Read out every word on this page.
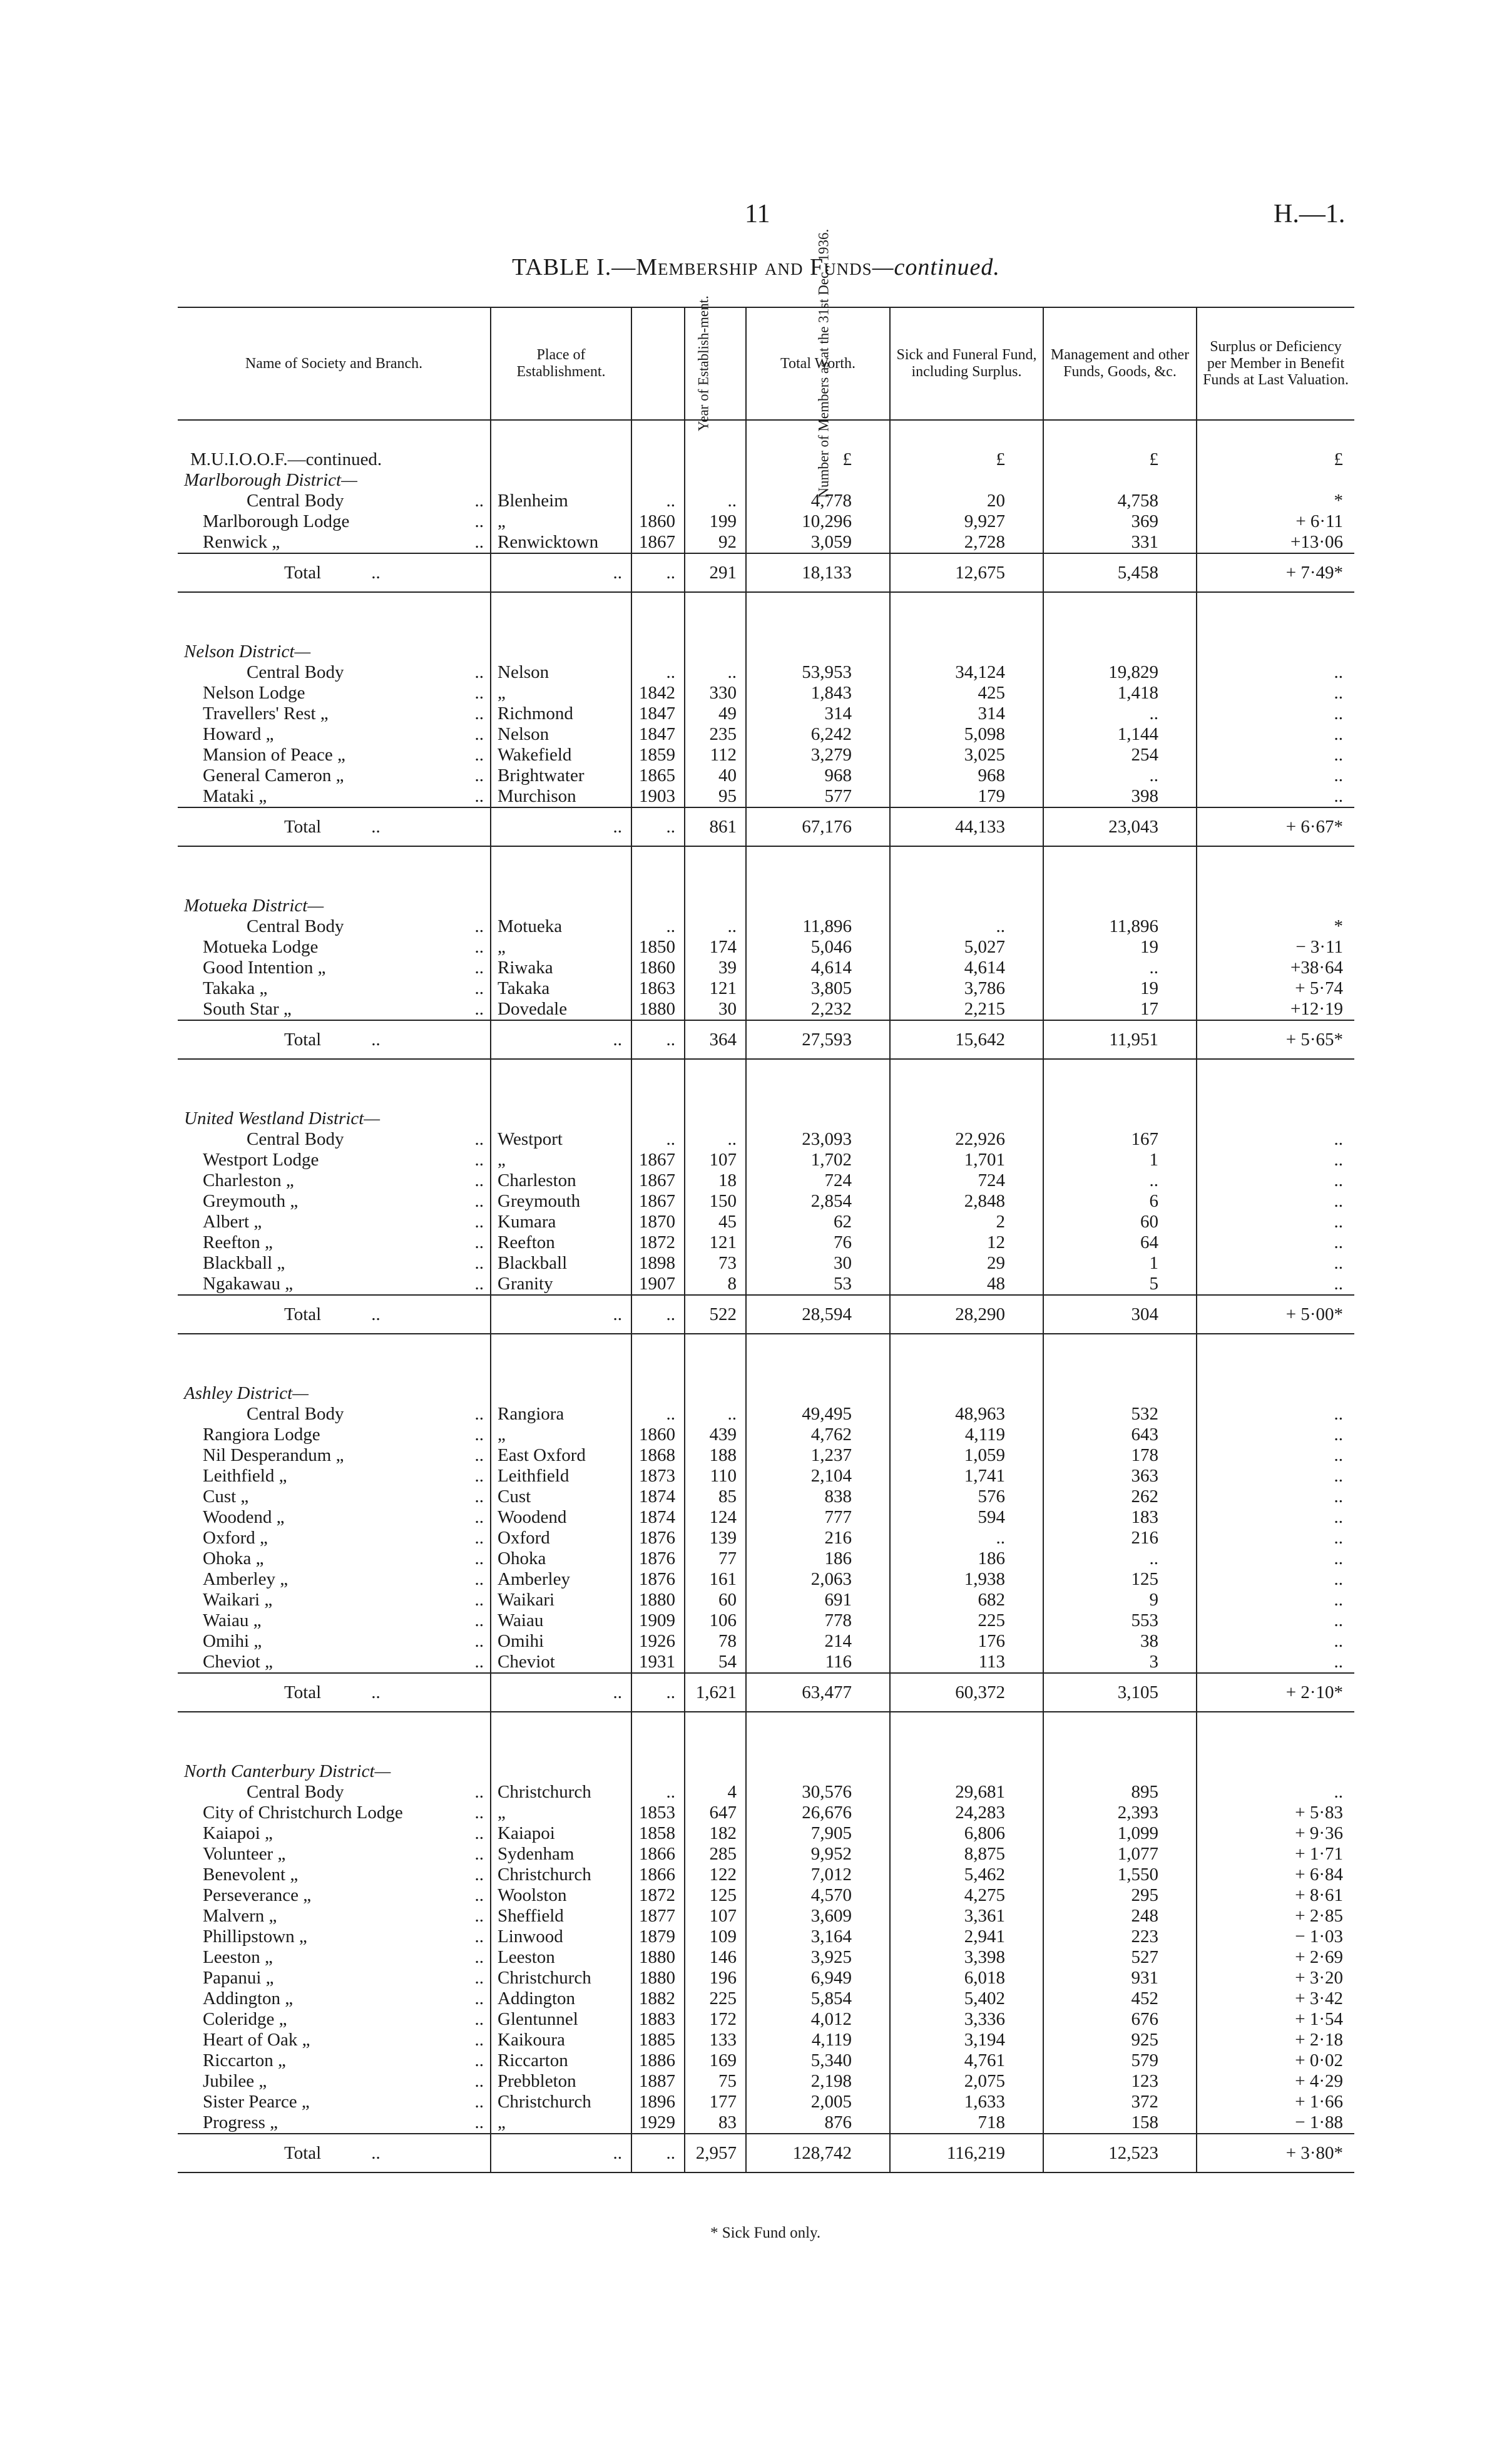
11	H.—1.
TABLE I.—Membership and Funds—continued.
Name of Society and Branch.	Place of Establishment.	Year of Establish-ment.	Number of Members as at the 31st Dec., 1936.	Total Worth.	Sick and Funeral Fund, including Surplus.	Management and other Funds, Goods, &c.	Surplus or Deficiency per Member in Benefit Funds at Last Valuation.

M.U.I.O.O.F.—continued.				£	£	£	£
Marlborough District—							
Central Body ..	Blenheim	..	..	4,778	20	4,758	*
Marlborough Lodge ..	„	1860	199	10,296	9,927	369	+ 6·11
Renwick „ ..	Renwicktown	1867	92	3,059	2,728	331	+13·06
Total ..	..	..	291	18,133	12,675	5,458	+ 7·49*

Nelson District—							
Central Body ..	Nelson	..	..	53,953	34,124	19,829	..
Nelson Lodge ..	„	1842	330	1,843	425	1,418	..
Travellers' Rest „ ..	Richmond	1847	49	314	314	..	..
Howard „ ..	Nelson	1847	235	6,242	5,098	1,144	..
Mansion of Peace „ ..	Wakefield	1859	112	3,279	3,025	254	..
General Cameron „ ..	Brightwater	1865	40	968	968	..	..
Mataki „ ..	Murchison	1903	95	577	179	398	..
Total ..	..	..	861	67,176	44,133	23,043	+ 6·67*

Motueka District—							
Central Body ..	Motueka	..	..	11,896	..	11,896	*
Motueka Lodge ..	„	1850	174	5,046	5,027	19	− 3·11
Good Intention „ ..	Riwaka	1860	39	4,614	4,614	..	+38·64
Takaka „ ..	Takaka	1863	121	3,805	3,786	19	+ 5·74
South Star „ ..	Dovedale	1880	30	2,232	2,215	17	+12·19
Total ..	..	..	364	27,593	15,642	11,951	+ 5·65*

United Westland District—							
Central Body ..	Westport	..	..	23,093	22,926	167	..
Westport Lodge ..	„	1867	107	1,702	1,701	1	..
Charleston „ ..	Charleston	1867	18	724	724	..	..
Greymouth „ ..	Greymouth	1867	150	2,854	2,848	6	..
Albert „ ..	Kumara	1870	45	62	2	60	..
Reefton „ ..	Reefton	1872	121	76	12	64	..
Blackball „ ..	Blackball	1898	73	30	29	1	..
Ngakawau „ ..	Granity	1907	8	53	48	5	..
Total ..	..	..	522	28,594	28,290	304	+ 5·00*

Ashley District—							
Central Body ..	Rangiora	..	..	49,495	48,963	532	..
Rangiora Lodge ..	„	1860	439	4,762	4,119	643	..
Nil Desperandum „ ..	East Oxford	1868	188	1,237	1,059	178	..
Leithfield „ ..	Leithfield	1873	110	2,104	1,741	363	..
Cust „ ..	Cust	1874	85	838	576	262	..
Woodend „ ..	Woodend	1874	124	777	594	183	..
Oxford „ ..	Oxford	1876	139	216	..	216	..
Ohoka „ ..	Ohoka	1876	77	186	186	..	..
Amberley „ ..	Amberley	1876	161	2,063	1,938	125	..
Waikari „ ..	Waikari	1880	60	691	682	9	..
Waiau „ ..	Waiau	1909	106	778	225	553	..
Omihi „ ..	Omihi	1926	78	214	176	38	..
Cheviot „ ..	Cheviot	1931	54	116	113	3	..
Total ..	..	..	1,621	63,477	60,372	3,105	+ 2·10*

North Canterbury District—							
Central Body ..	Christchurch	..	4	30,576	29,681	895	..
City of Christchurch Lodge ..	„	1853	647	26,676	24,283	2,393	+ 5·83
Kaiapoi „ ..	Kaiapoi	1858	182	7,905	6,806	1,099	+ 9·36
Volunteer „ ..	Sydenham	1866	285	9,952	8,875	1,077	+ 1·71
Benevolent „ ..	Christchurch	1866	122	7,012	5,462	1,550	+ 6·84
Perseverance „ ..	Woolston	1872	125	4,570	4,275	295	+ 8·61
Malvern „ ..	Sheffield	1877	107	3,609	3,361	248	+ 2·85
Phillipstown „ ..	Linwood	1879	109	3,164	2,941	223	− 1·03
Leeston „ ..	Leeston	1880	146	3,925	3,398	527	+ 2·69
Papanui „ ..	Christchurch	1880	196	6,949	6,018	931	+ 3·20
Addington „ ..	Addington	1882	225	5,854	5,402	452	+ 3·42
Coleridge „ ..	Glentunnel	1883	172	4,012	3,336	676	+ 1·54
Heart of Oak „ ..	Kaikoura	1885	133	4,119	3,194	925	+ 2·18
Riccarton „ ..	Riccarton	1886	169	5,340	4,761	579	+ 0·02
Jubilee „ ..	Prebbleton	1887	75	2,198	2,075	123	+ 4·29
Sister Pearce „ ..	Christchurch	1896	177	2,005	1,633	372	+ 1·66
Progress „ ..	„	1929	83	876	718	158	− 1·88
Total ..	..	..	2,957	128,742	116,219	12,523	+ 3·80*
* Sick Fund only.
